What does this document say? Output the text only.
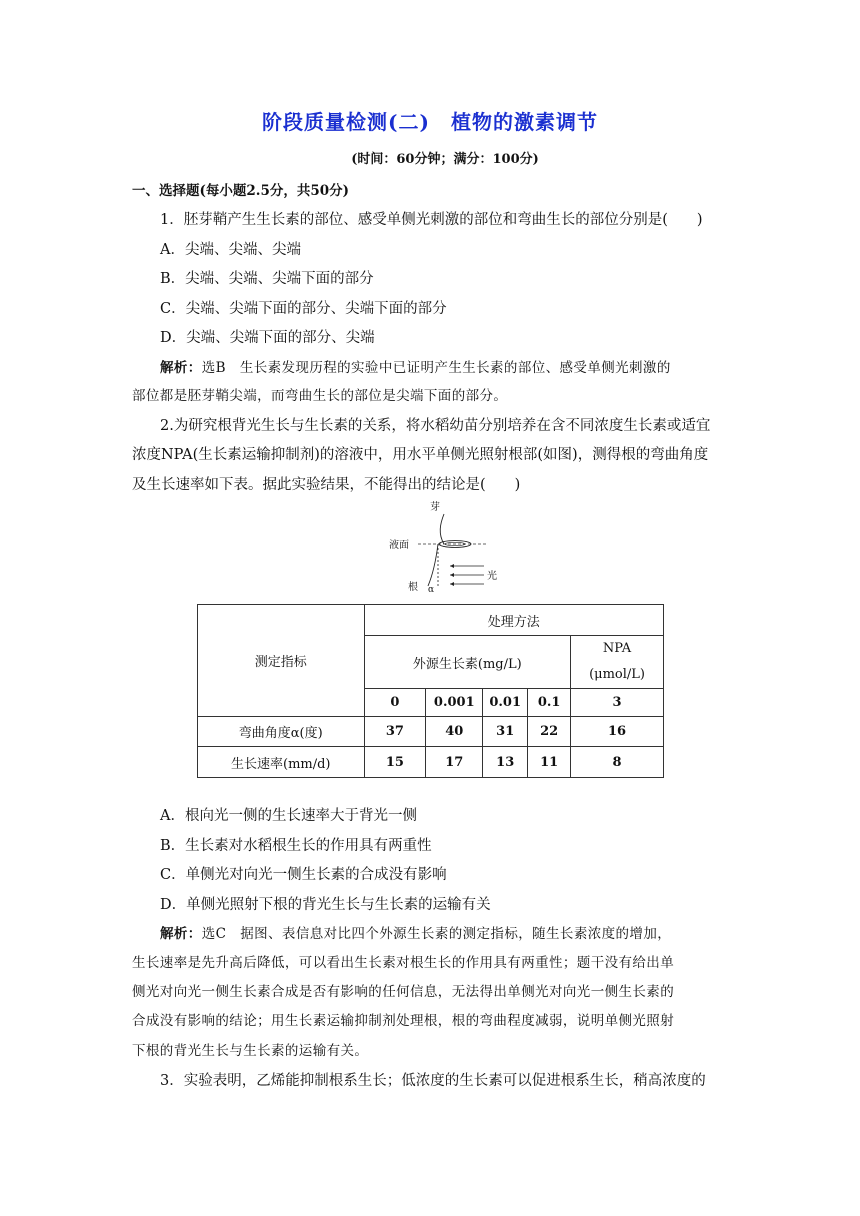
阶段质量检测(二)　植物的激素调节
(时间：60分钟；满分：100分)
一、选择题(每小题2.5分，共50分)
1．胚芽鞘产生生长素的部位、感受单侧光刺激的部位和弯曲生长的部位分别是(　　)
A．尖端、尖端、尖端
B．尖端、尖端、尖端下面的部分
C．尖端、尖端下面的部分、尖端下面的部分
D．尖端、尖端下面的部分、尖端
解析：选B　生长素发现历程的实验中已证明产生生长素的部位、感受单侧光刺激的
部位都是胚芽鞘尖端，而弯曲生长的部位是尖端下面的部分。
2.为研究根背光生长与生长素的关系，将水稻幼苗分别培养在含不同浓度生长素或适宜
浓度NPA(生长素运输抑制剂)的溶液中，用水平单侧光照射根部(如图)，测得根的弯曲角度
及生长速率如下表。据此实验结果，不能得出的结论是(　　)
芽
液面
根 α
光
测定指标	处理方法				
	外源生长素(mg/L)				NPA
(μmol/L)

	0	0.001	0.01	0.1	3
弯曲角度α(度)	37	40	31	22	16
生长速率(mm/d)	15	17	13	11	8
A．根向光一侧的生长速率大于背光一侧
B．生长素对水稻根生长的作用具有两重性
C．单侧光对向光一侧生长素的合成没有影响
D．单侧光照射下根的背光生长与生长素的运输有关
解析：选C　据图、表信息对比四个外源生长素的测定指标，随生长素浓度的增加，
生长速率是先升高后降低，可以看出生长素对根生长的作用具有两重性；题干没有给出单
侧光对向光一侧生长素合成是否有影响的任何信息，无法得出单侧光对向光一侧生长素的
合成没有影响的结论；用生长素运输抑制剂处理根，根的弯曲程度减弱，说明单侧光照射
下根的背光生长与生长素的运输有关。
3．实验表明，乙烯能抑制根系生长；低浓度的生长素可以促进根系生长，稍高浓度的
